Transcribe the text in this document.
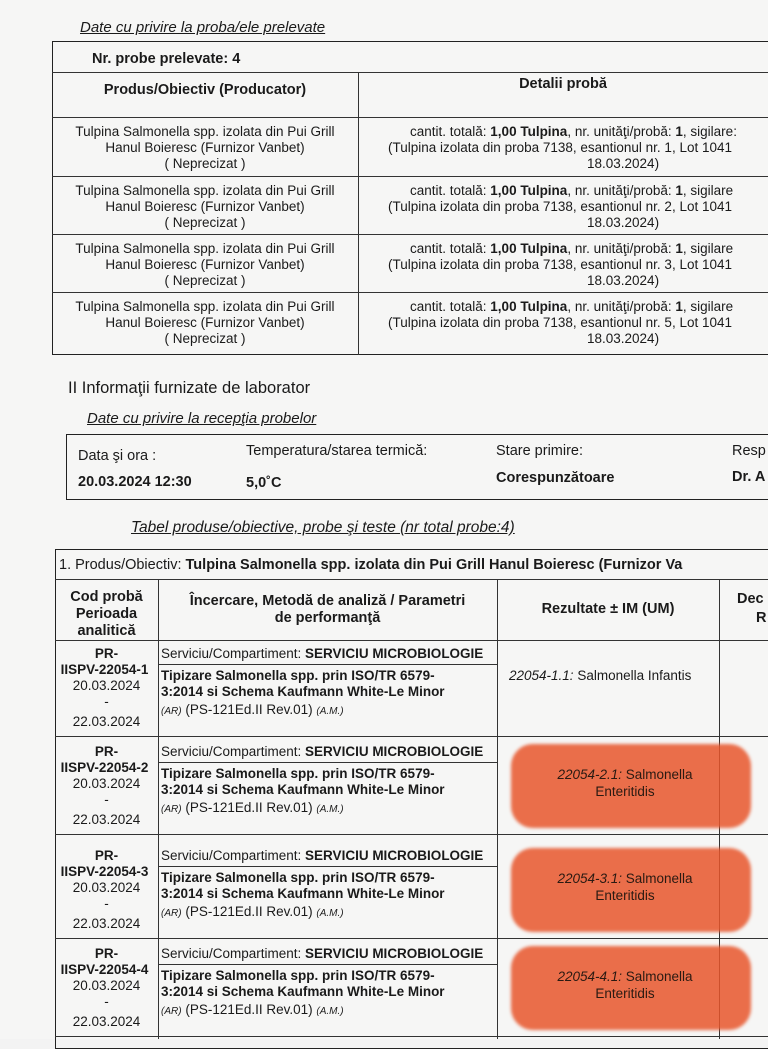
Date cu privire la proba/ele prelevate
Nr. probe prelevate: 4
Produs/Obiectiv (Producator)	Detalii probă
Tulpina Salmonella spp. izolata din Pui Grill
Hanul Boieresc (Furnizor Vanbet)
( Neprecizat )
cantit. totală: 1,00 Tulpina, nr. unităţi/probă: 1, sigilare:
(Tulpina izolata din proba 7138, esantionul nr. 1, Lot 1041
18.03.2024)
Tulpina Salmonella spp. izolata din Pui Grill
Hanul Boieresc (Furnizor Vanbet)
( Neprecizat )
cantit. totală: 1,00 Tulpina, nr. unităţi/probă: 1, sigilare
(Tulpina izolata din proba 7138, esantionul nr. 2, Lot 1041
18.03.2024)
Tulpina Salmonella spp. izolata din Pui Grill
Hanul Boieresc (Furnizor Vanbet)
( Neprecizat )
cantit. totală: 1,00 Tulpina, nr. unităţi/probă: 1, sigilare
(Tulpina izolata din proba 7138, esantionul nr. 3, Lot 1041
18.03.2024)
Tulpina Salmonella spp. izolata din Pui Grill
Hanul Boieresc (Furnizor Vanbet)
( Neprecizat )
cantit. totală: 1,00 Tulpina, nr. unităţi/probă: 1, sigilare
(Tulpina izolata din proba 7138, esantionul nr. 5, Lot 1041
18.03.2024)
II Informaţii furnizate de laborator
Date cu privire la recepţia probelor
Data şi ora :
20.03.2024 12:30
Temperatura/starea termică:
5,0˚C
Stare primire:
Corespunzătoare
Resp
Dr. A
Tabel produse/obiective, probe şi teste (nr total probe:4)
1. Produs/Obiectiv: Tulpina Salmonella spp. izolata din Pui Grill Hanul Boieresc (Furnizor Va
Cod probă
Perioada
analitică
Încercare, Metodă de analiză / Parametri
de performanţă
Rezultate ± IM (UM)
Dec
R
PR-
IISPV-22054-1
20.03.2024
-
22.03.2024
Serviciu/Compartiment: SERVICIU MICROBIOLOGIE
Tipizare Salmonella spp. prin ISO/TR 6579-
3:2014 si Schema Kaufmann White-Le Minor
(AR) (PS-121Ed.II Rev.01) (A.M.)
22054-1.1: Salmonella Infantis
PR-
IISPV-22054-2
20.03.2024
-
22.03.2024
Serviciu/Compartiment: SERVICIU MICROBIOLOGIE
Tipizare Salmonella spp. prin ISO/TR 6579-
3:2014 si Schema Kaufmann White-Le Minor
(AR) (PS-121Ed.II Rev.01) (A.M.)
22054-2.1: Salmonella
Enteritidis
PR-
IISPV-22054-3
20.03.2024
-
22.03.2024
Serviciu/Compartiment: SERVICIU MICROBIOLOGIE
Tipizare Salmonella spp. prin ISO/TR 6579-
3:2014 si Schema Kaufmann White-Le Minor
(AR) (PS-121Ed.II Rev.01) (A.M.)
22054-3.1: Salmonella
Enteritidis
PR-
IISPV-22054-4
20.03.2024
-
22.03.2024
Serviciu/Compartiment: SERVICIU MICROBIOLOGIE
Tipizare Salmonella spp. prin ISO/TR 6579-
3:2014 si Schema Kaufmann White-Le Minor
(AR) (PS-121Ed.II Rev.01) (A.M.)
22054-4.1: Salmonella
Enteritidis
